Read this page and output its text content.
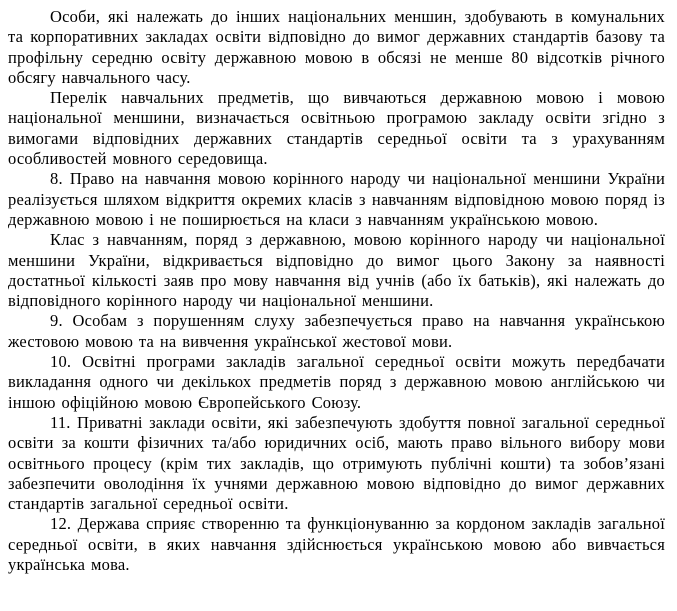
Особи, які належать до інших національних меншин, здобувають в комунальних та корпоративних закладах освіти відповідно до вимог державних стандартів базову та профільну середню освіту державною мовою в обсязі не менше 80 відсотків річного обсягу навчального часу.

Перелік навчальних предметів, що вивчаються державною мовою і мовою національної меншини, визначається освітньою програмою закладу освіти згідно з вимогами відповідних державних стандартів середньої освіти та з урахуванням особливостей мовного середовища.

8. Право на навчання мовою корінного народу чи національної меншини України реалізується шляхом відкриття окремих класів з навчанням відповідною мовою поряд із державною мовою і не поширюється на класи з навчанням українською мовою.

Клас з навчанням, поряд з державною, мовою корінного народу чи національної меншини України, відкривається відповідно до вимог цього Закону за наявності достатньої кількості заяв про мову навчання від учнів (або їх батьків), які належать до відповідного корінного народу чи національної меншини.

9. Особам з порушенням слуху забезпечується право на навчання українською жестовою мовою та на вивчення української жестової мови.

10. Освітні програми закладів загальної середньої освіти можуть передбачати викладання одного чи декількох предметів поряд з державною мовою англійською чи іншою офіційною мовою Європейського Союзу.

11. Приватні заклади освіти, які забезпечують здобуття повної загальної середньої освіти за кошти фізичних та/або юридичних осіб, мають право вільного вибору мови освітнього процесу (крім тих закладів, що отримують публічні кошти) та зобов’язані забезпечити оволодіння їх учнями державною мовою відповідно до вимог державних стандартів загальної середньої освіти.

12. Держава сприяє створенню та функціонуванню за кордоном закладів загальної середньої освіти, в яких навчання здійснюється українською мовою або вивчається українська мова.
